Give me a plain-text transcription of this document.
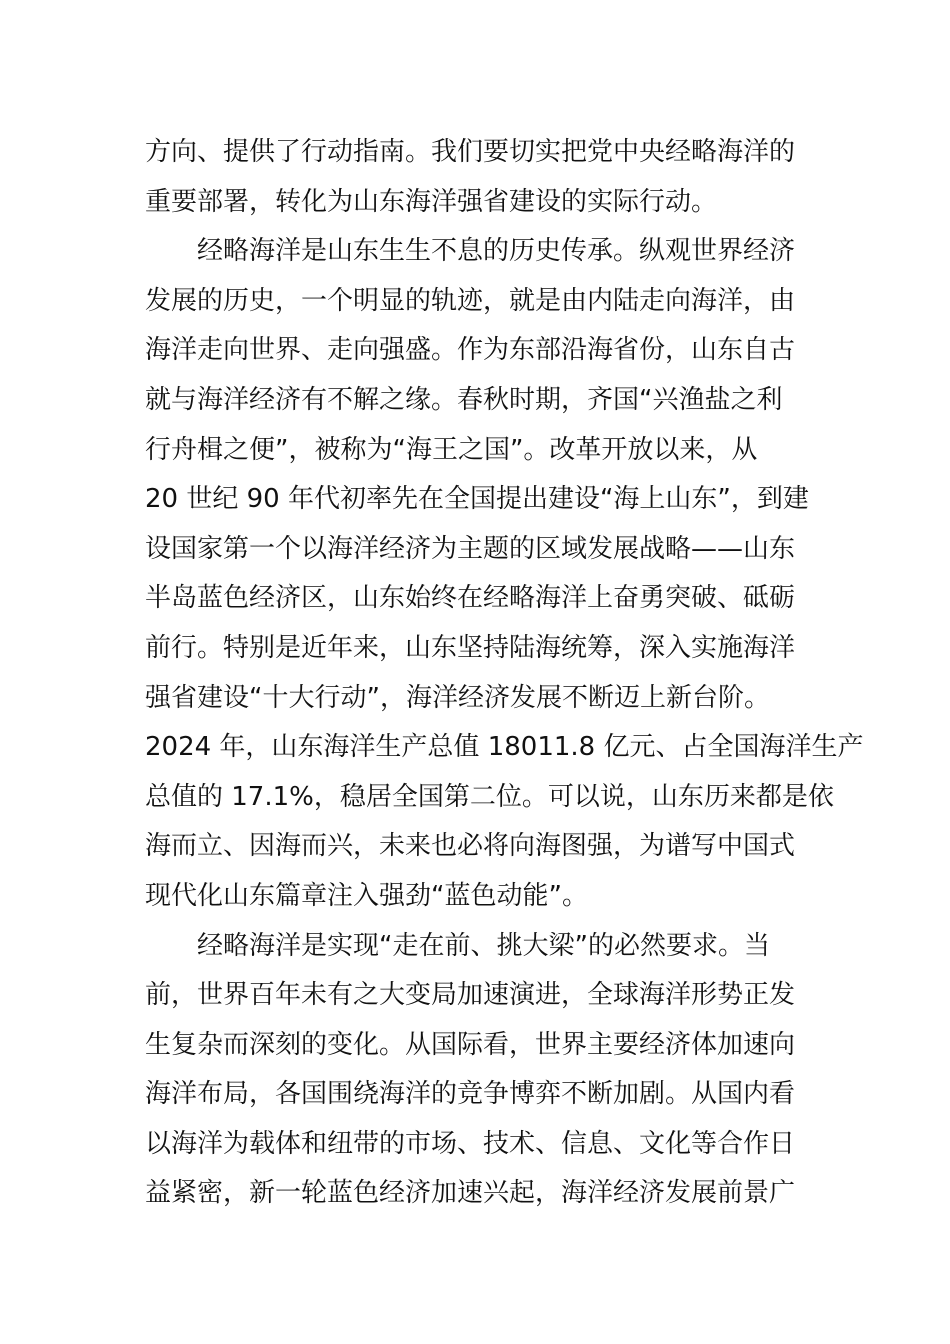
方向、提供了行动指南。我们要切实把党中央经略海洋的
重要部署，转化为山东海洋强省建设的实际行动。
经略海洋是山东生生不息的历史传承。纵观世界经济
发展的历史，一个明显的轨迹，就是由内陆走向海洋，由
海洋走向世界、走向强盛。作为东部沿海省份，山东自古
就与海洋经济有不解之缘。春秋时期，齐国“兴渔盐之利
行舟楫之便”，被称为“海王之国”。改革开放以来，从
20 世纪 90 年代初率先在全国提出建设“海上山东”，到建
设国家第一个以海洋经济为主题的区域发展战略——山东
半岛蓝色经济区，山东始终在经略海洋上奋勇突破、砥砺
前行。特别是近年来，山东坚持陆海统筹，深入实施海洋
强省建设“十大行动”，海洋经济发展不断迈上新台阶。
2024 年，山东海洋生产总值 18011.8 亿元、占全国海洋生产
总值的 17.1%，稳居全国第二位。可以说，山东历来都是依
海而立、因海而兴，未来也必将向海图强，为谱写中国式
现代化山东篇章注入强劲“蓝色动能”。
经略海洋是实现“走在前、挑大梁”的必然要求。当
前，世界百年未有之大变局加速演进，全球海洋形势正发
生复杂而深刻的变化。从国际看，世界主要经济体加速向
海洋布局，各国围绕海洋的竞争博弈不断加剧。从国内看
以海洋为载体和纽带的市场、技术、信息、文化等合作日
益紧密，新一轮蓝色经济加速兴起，海洋经济发展前景广
